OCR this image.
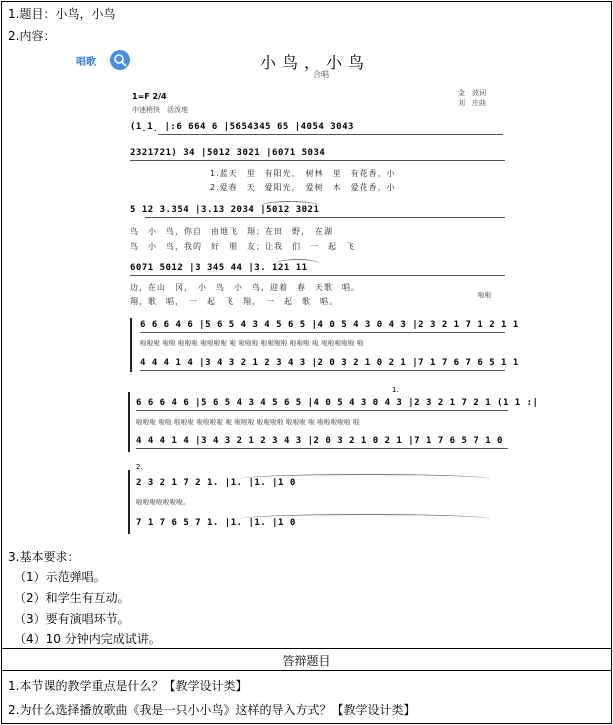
1.题目：小鸟，小鸟
2.内容：
唱歌	小鸟，小鸟
合唱
金　波词
刘　庄曲
1=F 2/4
中速稍快　活泼地
(1̣1̣ |:6 664 6 |5654345 65 |4054 3043
2321721) 34 |5012 3021 |6071 5034
1.蓝天　里　有阳光，　树林　里　有花香，小
2.爱春　天　爱阳光，　爱树　木　爱花香，小
5 12 3.354 |3.13 2034 |5012 3021
鸟　小　鸟，你自　由地飞　翔；在田　野，　在湖
鸟　小　鸟，我的　好　朋　友；让我　们　一　起　飞
6071 5012 |3 345 44 |3. 121 11
边，在山　冈，　小　鸟　小　鸟，迎着　春　天歌　唱。
翔，歌　唱，　一　起　飞　翔，　一　起　歌　唱。
啦啦
6 6 6 4 6 |5 6 5 4 3 4 5 6 5 |4 0 5 4 3 0 4 3 |2 3 2 1 7 1 2 1 1
啦啦啦 啦啦 啦啦啦 啦啦啦啦 啦 啦啦啦 啦啦啦啦 啦啦啦 啦 啦啦啦啦啦 啦
4 4 4 1 4 |3 4 3 2 1 2 3 4 3 |2 0 3 2 1 0 2 1 |7 1 7 6 7 6 5 1 1
1.
6 6 6 4 6 |5 6 5 4 3 4 5 6 5 |4 0 5 4 3 0 4 3 |2 3 2 1 7 2 1 (1 1 :|
啦啦啦 啦啦 啦啦啦 啦啦啦啦 啦 啦啦啦 啦啦啦啦 啦啦啦 啦 啦啦啦啦啦 啦
4 4 4 1 4 |3 4 3 2 1 2 3 4 3 |2 0 3 2 1 0 2 1 |7 1 7 6 5 7 1 0
2.
2 3 2 1 7 2 1. |1. |1. |1 0
啦啦啦啦啦啦啦。
7 1 7 6 5 7 1. |1. |1. |1 0
3.基本要求：
（1）示范弹唱。
（2）和学生有互动。
（3）要有演唱环节。
（4）10 分钟内完成试讲。
答辩题目
1.本节课的教学重点是什么？【教学设计类】
2.为什么选择播放歌曲《我是一只小小鸟》这样的导入方式？【教学设计类】
